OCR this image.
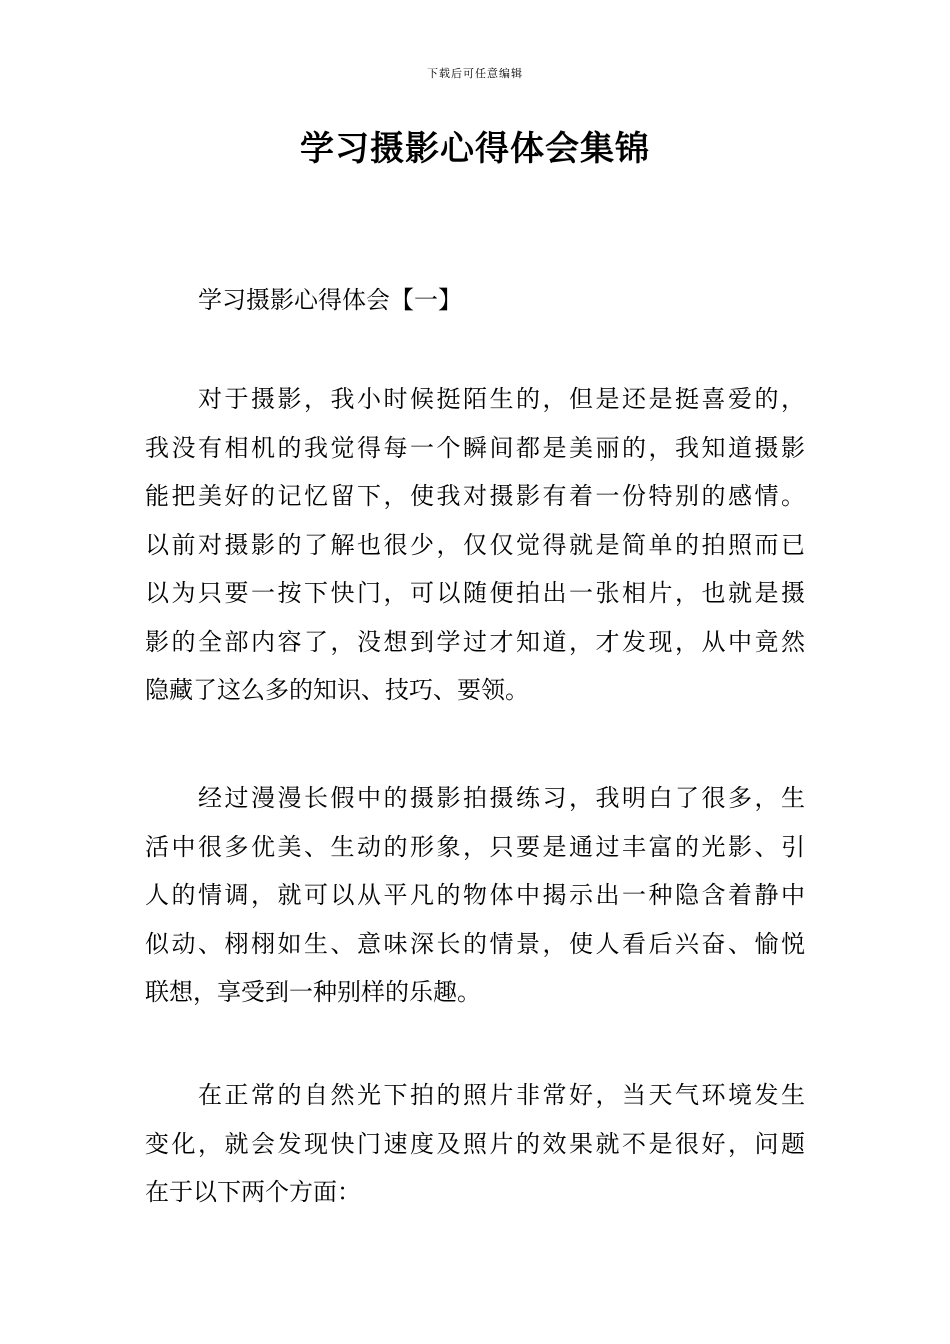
下载后可任意编辑
学习摄影心得体会集锦
学习摄影心得体会【一】
对于摄影，我小时候挺陌生的，但是还是挺喜爱的，
我没有相机的我觉得每一个瞬间都是美丽的，我知道摄影
能把美好的记忆留下，使我对摄影有着一份特别的感情。
以前对摄影的了解也很少，仅仅觉得就是简单的拍照而已
以为只要一按下快门，可以随便拍出一张相片，也就是摄
影的全部内容了，没想到学过才知道，才发现，从中竟然
隐藏了这么多的知识、技巧、要领。
经过漫漫长假中的摄影拍摄练习，我明白了很多，生
活中很多优美、生动的形象，只要是通过丰富的光影、引
人的情调，就可以从平凡的物体中揭示出一种隐含着静中
似动、栩栩如生、意味深长的情景，使人看后兴奋、愉悦
联想，享受到一种别样的乐趣。
在正常的自然光下拍的照片非常好，当天气环境发生
变化，就会发现快门速度及照片的效果就不是很好，问题
在于以下两个方面：
